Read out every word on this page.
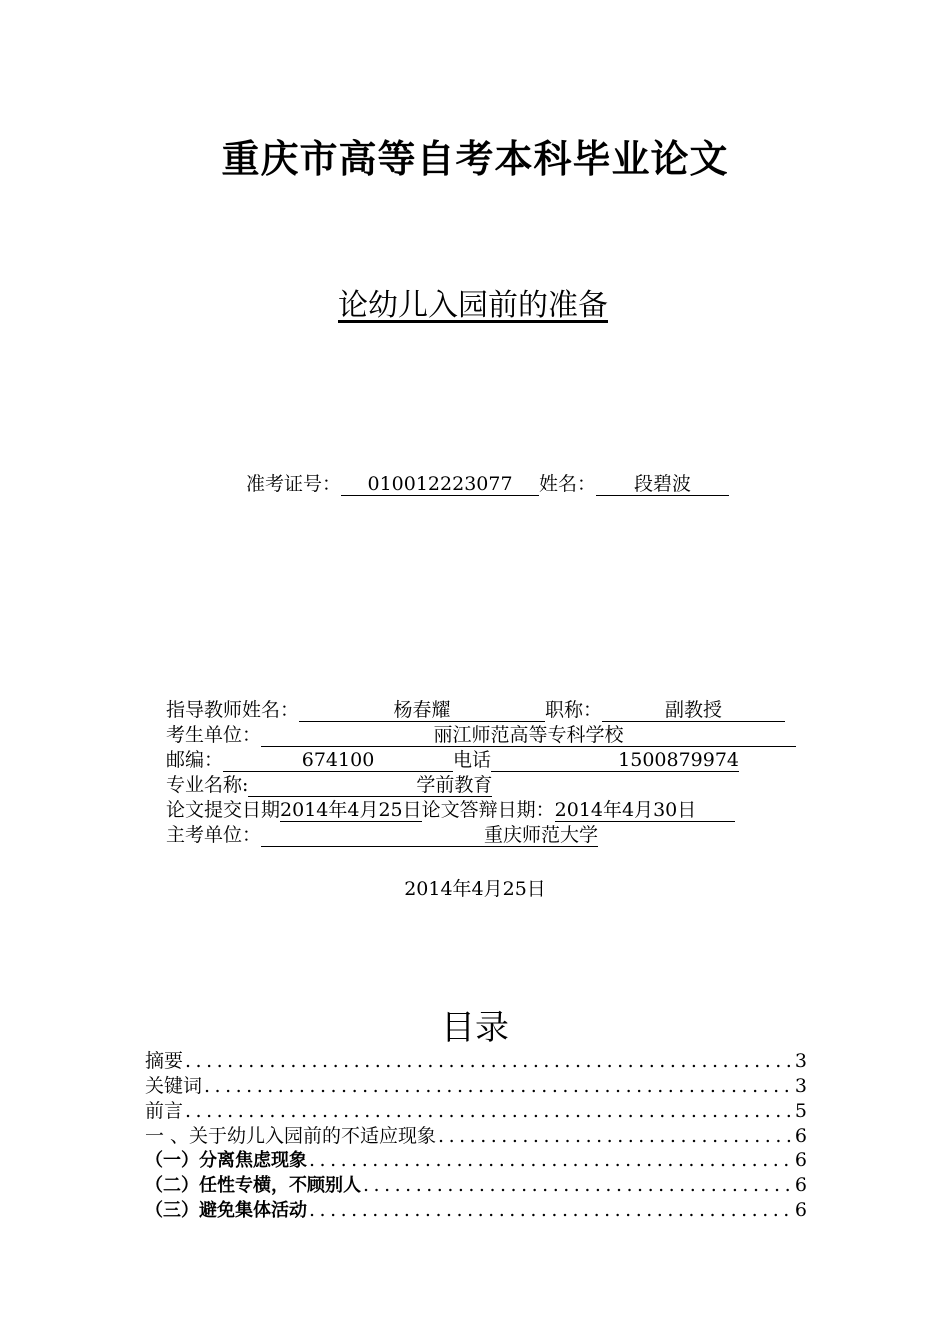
重庆市高等自考本科毕业论文
论幼儿入园前的准备
准考证号： 010012223077 姓名： 段碧波
指导教师姓名：	杨春耀	职称：	副教授
考生单位：	丽江师范高等专科学校
邮编：	674100	电话	1500879974
专业名称:	学前教育
论文提交日期2014年4月25日论文答辩日期：2014年4月30日
主考单位：	重庆师范大学
2014年4月25日
目录
摘要 .....	3
关键词 .....	3
前言 .....	5
一 、关于幼儿入园前的不适应现象 .....	6
（一）分离焦虑现象 .....	6
（二）任性专横，不顾别人 .....	6
（三）避免集体活动 .....	6
